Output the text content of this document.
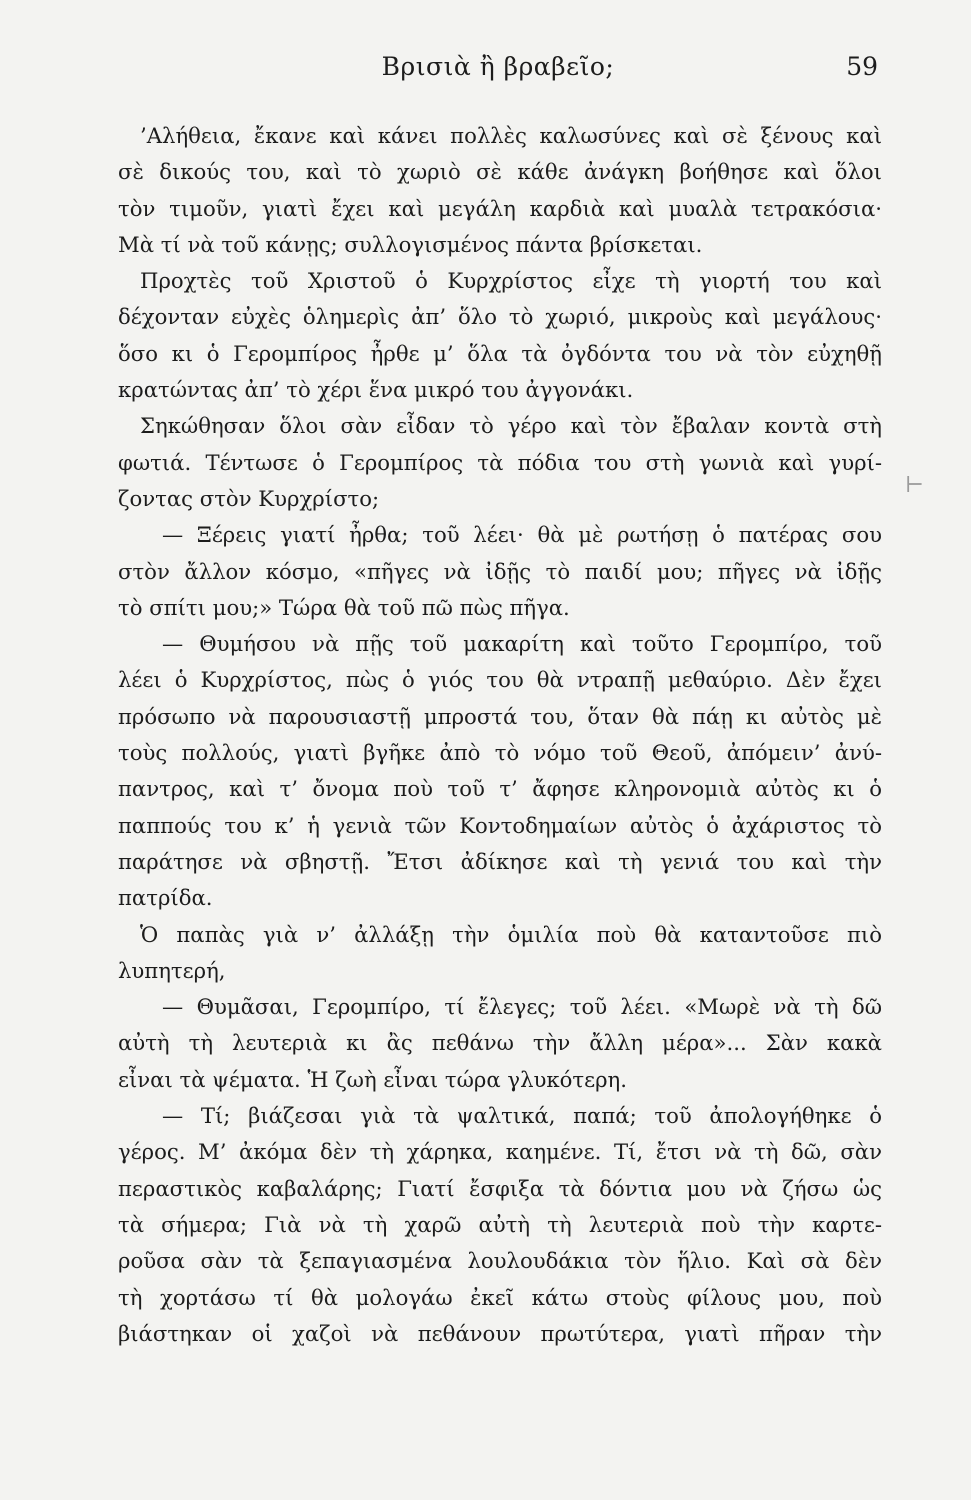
Βρισιὰ ἢ βραβεῖο;	59
’Αλήθεια, ἔκανε καὶ κάνει πολλὲς καλωσύνες καὶ σὲ ξένους καὶ
σὲ δικούς του, καὶ τὸ χωριὸ σὲ κάθε ἀνάγκη βοήθησε καὶ ὅλοι
τὸν τιμοῦν, γιατὶ ἔχει καὶ μεγάλη καρδιὰ καὶ μυαλὰ τετρακόσια·
Μὰ τί νὰ τοῦ κάνῃς; συλλογισμένος πάντα βρίσκεται.
Προχτὲς τοῦ Χριστοῦ ὁ Κυρχρίστος εἶχε τὴ γιορτή του καὶ
δέχονταν εὐχὲς ὁλημερὶς ἀπ’ ὅλο τὸ χωριό, μικροὺς καὶ μεγάλους·
ὅσο κι ὁ Γερομπίρος ἦρθε μ’ ὅλα τὰ ὀγδόντα του νὰ τὸν εὐχηθῇ
κρατώντας ἀπ’ τὸ χέρι ἕνα μικρό του ἀγγονάκι.
Σηκώθησαν ὅλοι σὰν εἶδαν τὸ γέρο καὶ τὸν ἔβαλαν κοντὰ στὴ
φωτιά. Τέντωσε ὁ Γερομπίρος τὰ πόδια του στὴ γωνιὰ καὶ γυρί-
ζοντας στὸν Κυρχρίστο;
— Ξέρεις γιατί ἦρθα; τοῦ λέει· θὰ μὲ ρωτήσῃ ὁ πατέρας σου
στὸν ἄλλον κόσμο, «πῆγες νὰ ἰδῇς τὸ παιδί μου; πῆγες νὰ ἰδῇς
τὸ σπίτι μου;» Τώρα θὰ τοῦ πῶ πὼς πῆγα.
— Θυμήσου νὰ πῇς τοῦ μακαρίτη καὶ τοῦτο Γερομπίρο, τοῦ
λέει ὁ Κυρχρίστος, πὼς ὁ γιός του θὰ ντραπῇ μεθαύριο. Δὲν ἔχει
πρόσωπο νὰ παρουσιαστῇ μπροστά του, ὅταν θὰ πάῃ κι αὐτὸς μὲ
τοὺς πολλούς, γιατὶ βγῆκε ἀπὸ τὸ νόμο τοῦ Θεοῦ, ἀπόμειν’ ἀνύ-
παντρος, καὶ τ’ ὄνομα ποὺ τοῦ τ’ ἄφησε κληρονομιὰ αὐτὸς κι ὁ
παππούς του κ’ ἡ γενιὰ τῶν Κοντοδημαίων αὐτὸς ὁ ἀχάριστος τὸ
παράτησε νὰ σβηστῇ. Ἔτσι ἀδίκησε καὶ τὴ γενιά του καὶ τὴν
πατρίδα.
Ὁ παπὰς γιὰ ν’ ἀλλάξῃ τὴν ὁμιλία ποὺ θὰ καταντοῦσε πιὸ
λυπητερή,
— Θυμᾶσαι, Γερομπίρο, τί ἔλεγες; τοῦ λέει. «Μωρὲ νὰ τὴ δῶ
αὐτὴ τὴ λευτεριὰ κι ἂς πεθάνω τὴν ἄλλη μέρα»... Σὰν κακὰ
εἶναι τὰ ψέματα. Ἡ ζωὴ εἶναι τώρα γλυκότερη.
— Τί; βιάζεσαι γιὰ τὰ ψαλτικά, παπά; τοῦ ἀπολογήθηκε ὁ
γέρος. Μ’ ἀκόμα δὲν τὴ χάρηκα, καημένε. Τί, ἔτσι νὰ τὴ δῶ, σὰν
περαστικὸς καβαλάρης; Γιατί ἔσφιξα τὰ δόντια μου νὰ ζήσω ὡς
τὰ σήμερα; Γιὰ νὰ τὴ χαρῶ αὐτὴ τὴ λευτεριὰ ποὺ τὴν καρτε-
ροῦσα σὰν τὰ ξεπαγιασμένα λουλουδάκια τὸν ἥλιο. Καὶ σὰ δὲν
τὴ χορτάσω τί θὰ μολογάω ἐκεῖ κάτω στοὺς φίλους μου, ποὺ
βιάστηκαν οἱ χαζοὶ νὰ πεθάνουν πρωτύτερα, γιατὶ πῆραν τὴν
⊢
